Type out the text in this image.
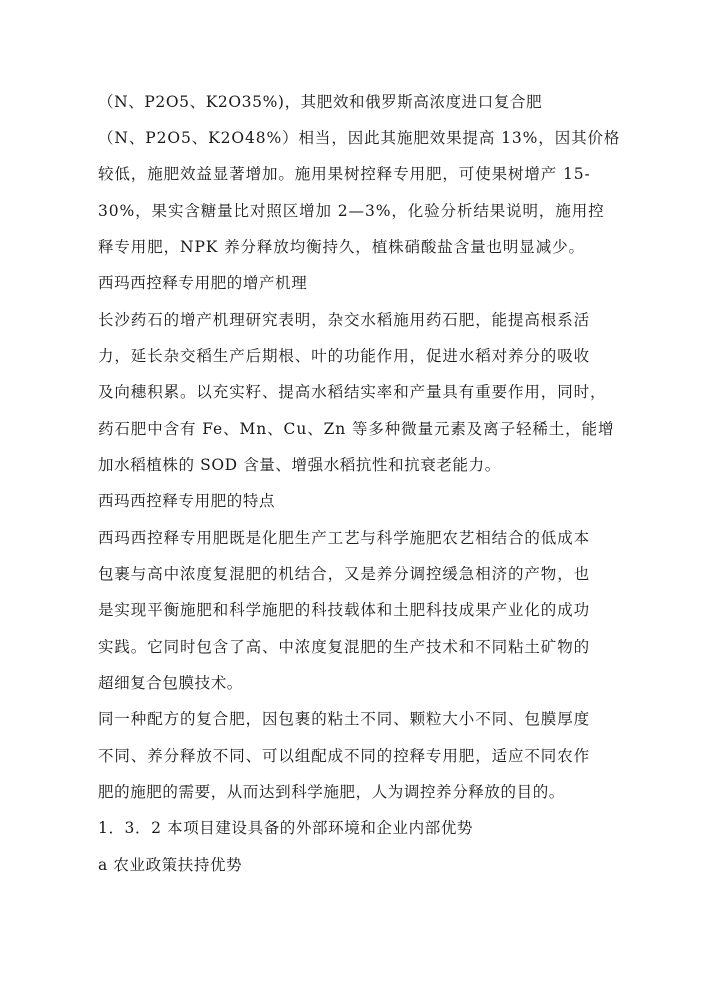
（N、P2O5、K2O35%)，其肥效和俄罗斯高浓度进口复合肥
（N、P2O5、K2O48%）相当，因此其施肥效果提高 13%，因其价格
较低，施肥效益显著增加。施用果树控释专用肥，可使果树增产 15-
30%，果实含糖量比对照区增加 2—3%，化验分析结果说明，施用控
释专用肥，NPK 养分释放均衡持久，植株硝酸盐含量也明显减少。
西玛西控释专用肥的增产机理
长沙药石的增产机理研究表明，杂交水稻施用药石肥，能提高根系活
力，延长杂交稻生产后期根、叶的功能作用，促进水稻对养分的吸收
及向穗积累。以充实籽、提高水稻结实率和产量具有重要作用，同时，
药石肥中含有 Fe、Mn、Cu、Zn 等多种微量元素及离子轻稀土，能增
加水稻植株的 SOD 含量、增强水稻抗性和抗衰老能力。
西玛西控释专用肥的特点
西玛西控释专用肥既是化肥生产工艺与科学施肥农艺相结合的低成本
包裹与高中浓度复混肥的机结合，又是养分调控缓急相济的产物，也
是实现平衡施肥和科学施肥的科技载体和土肥科技成果产业化的成功
实践。它同时包含了高、中浓度复混肥的生产技术和不同粘土矿物的
超细复合包膜技术。
同一种配方的复合肥，因包裹的粘土不同、颗粒大小不同、包膜厚度
不同、养分释放不同、可以组配成不同的控释专用肥，适应不同农作
肥的施肥的需要，从而达到科学施肥，人为调控养分释放的目的。
1．3．2 本项目建设具备的外部环境和企业内部优势
a 农业政策扶持优势
